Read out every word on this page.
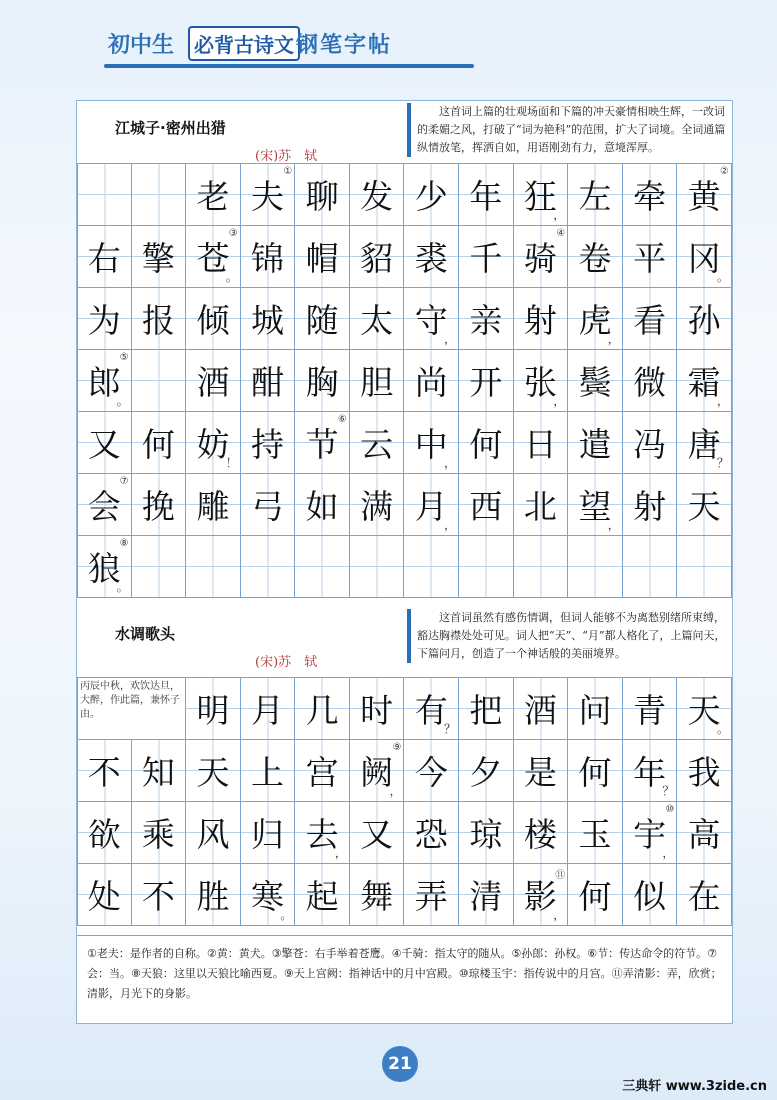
初中生 必背古诗文 钢笔字帖
江城子·密州出猎
(宋)苏　轼
这首词上篇的壮观场面和下篇的冲天豪情相映生辉，一改词的柔媚之风，打破了“词为艳科”的范围，扩大了词境。全词通篇纵情放笔，挥洒自如，用语刚劲有力，意境浑厚。
老 夫
①
聊 发 少 年 狂
， 左 牵 黄
②
右 擎 苍
③
。 锦 帽 貂 裘 千 骑
④
卷 平 冈
。
为 报 倾 城 随 太 守
， 亲 射 虎
， 看 孙
郎
⑤
。 酒 酣 胸 胆 尚 开 张
， 鬓 微 霜
，
又 何 妨
！ 持 节
⑥
云 中
， 何 日 遣 冯 唐
？
会
⑦
挽 雕 弓 如 满 月
， 西 北 望
， 射 天
狼
⑧
。
水调歌头
(宋)苏　轼
这首词虽然有感伤情调，但词人能够不为离愁别绪所束缚，豁达胸襟处处可见。词人把“天”、“月”都人格化了，上篇问天，下篇问月，创造了一个神话般的美丽境界。
丙辰中秋，欢饮达旦，大醉，作此篇，兼怀子由。	明 月 几 时 有
？ 把 酒 问 青 天
。
不 知 天 上 宫 阙
⑨
， 今 夕 是 何 年
？ 我
欲 乘 风 归 去
， 又 恐 琼 楼 玉 宇
⑩
， 高
处 不 胜 寒
。 起 舞 弄 清 影
⑪
， 何 似 在
①老夫：是作者的自称。②黄：黄犬。③擎苍：右手举着苍鹰。④千骑：指太守的随从。⑤孙郎：孙权。⑥节：传达命令的符节。⑦会：当。⑧天狼：这里以天狼比喻西夏。⑨天上宫阙：指神话中的月中宫殿。⑩琼楼玉宇：指传说中的月宫。⑪弄清影：弄，欣赏；清影，月光下的身影。
21
三典轩 www.3zide.cn
